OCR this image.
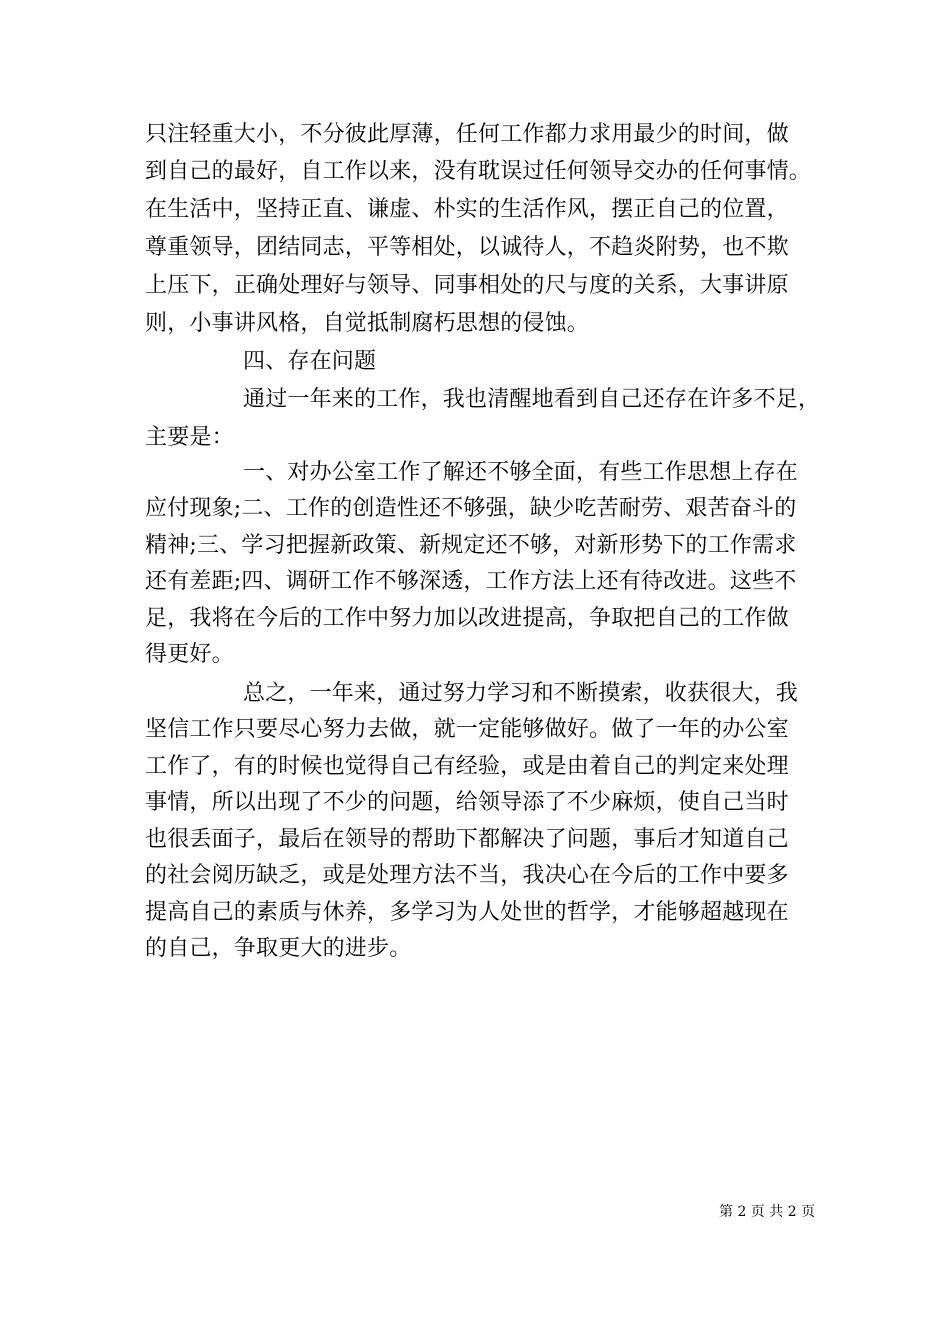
只注轻重大小，不分彼此厚薄，任何工作都力求用最少的时间，做
到自己的最好，自工作以来，没有耽误过任何领导交办的任何事情。
在生活中，坚持正直、谦虚、朴实的生活作风，摆正自己的位置，
尊重领导，团结同志，平等相处，以诚待人，不趋炎附势，也不欺
上压下，正确处理好与领导、同事相处的尺与度的关系，大事讲原
则，小事讲风格，自觉抵制腐朽思想的侵蚀。
四、存在问题
通过一年来的工作，我也清醒地看到自己还存在许多不足，
主要是：
一、对办公室工作了解还不够全面，有些工作思想上存在
应付现象;二、工作的创造性还不够强，缺少吃苦耐劳、艰苦奋斗的
精神;三、学习把握新政策、新规定还不够，对新形势下的工作需求
还有差距;四、调研工作不够深透，工作方法上还有待改进。这些不
足，我将在今后的工作中努力加以改进提高，争取把自己的工作做
得更好。
总之，一年来，通过努力学习和不断摸索，收获很大，我
坚信工作只要尽心努力去做，就一定能够做好。做了一年的办公室
工作了，有的时候也觉得自己有经验，或是由着自己的判定来处理
事情，所以出现了不少的问题，给领导添了不少麻烦，使自己当时
也很丢面子，最后在领导的帮助下都解决了问题，事后才知道自己
的社会阅历缺乏，或是处理方法不当，我决心在今后的工作中要多
提高自己的素质与休养，多学习为人处世的哲学，才能够超越现在
的自己，争取更大的进步。
第 2 页 共 2 页
